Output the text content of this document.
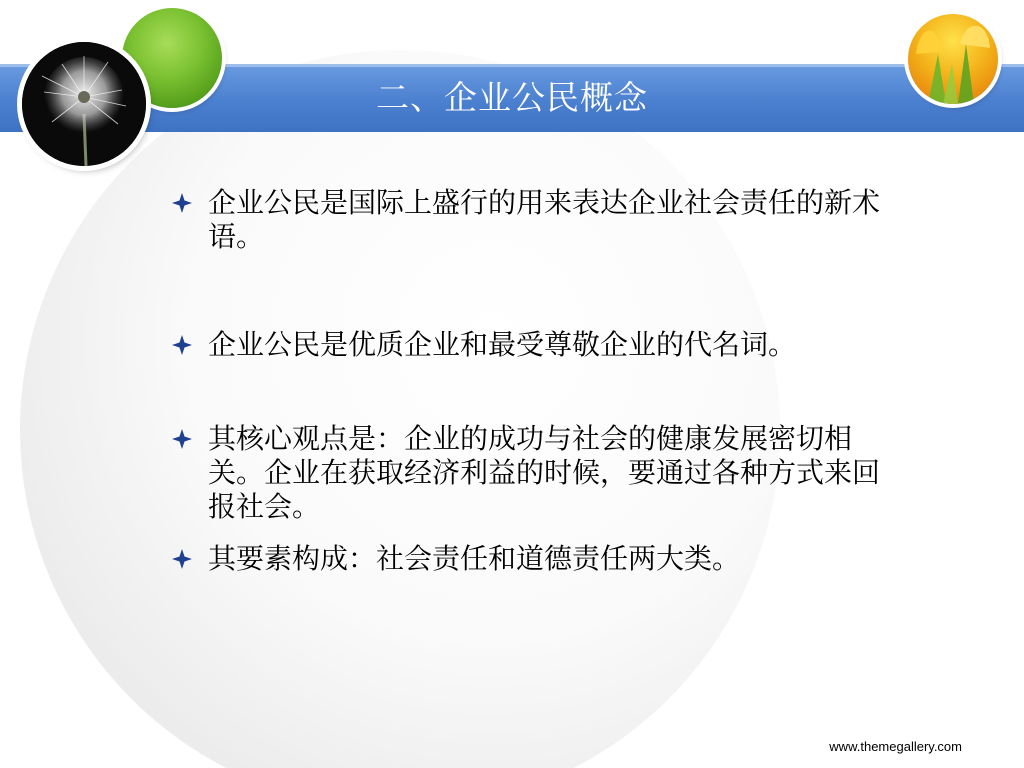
二、企业公民概念
企业公民是国际上盛行的用来表达企业社会责任的新术语。
企业公民是优质企业和最受尊敬企业的代名词。
其核心观点是：企业的成功与社会的健康发展密切相关。企业在获取经济利益的时候，要通过各种方式来回报社会。
其要素构成：社会责任和道德责任两大类。
www.themegallery.com
